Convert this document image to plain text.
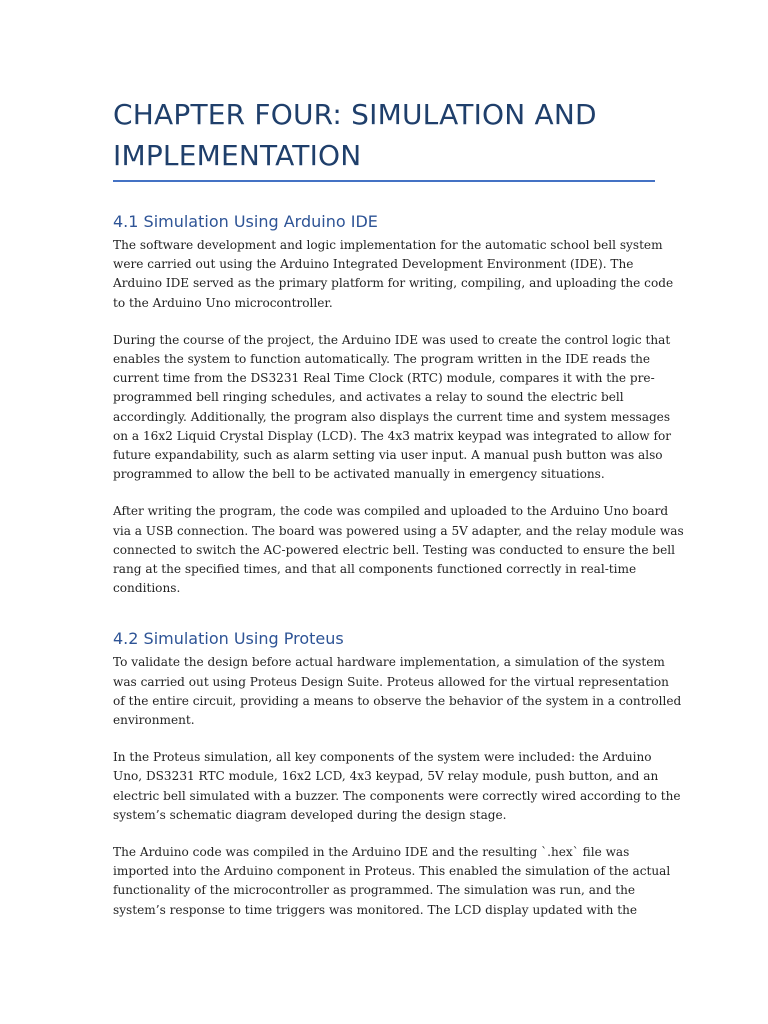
CHAPTER FOUR: SIMULATION AND
IMPLEMENTATION
4.1 Simulation Using Arduino IDE

The software development and logic implementation for the automatic school bell system
were carried out using the Arduino Integrated Development Environment (IDE). The
Arduino IDE served as the primary platform for writing, compiling, and uploading the code
to the Arduino Uno microcontroller.

During the course of the project, the Arduino IDE was used to create the control logic that
enables the system to function automatically. The program written in the IDE reads the
current time from the DS3231 Real Time Clock (RTC) module, compares it with the pre-
programmed bell ringing schedules, and activates a relay to sound the electric bell
accordingly. Additionally, the program also displays the current time and system messages
on a 16x2 Liquid Crystal Display (LCD). The 4x3 matrix keypad was integrated to allow for
future expandability, such as alarm setting via user input. A manual push button was also
programmed to allow the bell to be activated manually in emergency situations.

After writing the program, the code was compiled and uploaded to the Arduino Uno board
via a USB connection. The board was powered using a 5V adapter, and the relay module was
connected to switch the AC-powered electric bell. Testing was conducted to ensure the bell
rang at the specified times, and that all components functioned correctly in real-time
conditions.

4.2 Simulation Using Proteus

To validate the design before actual hardware implementation, a simulation of the system
was carried out using Proteus Design Suite. Proteus allowed for the virtual representation
of the entire circuit, providing a means to observe the behavior of the system in a controlled
environment.

In the Proteus simulation, all key components of the system were included: the Arduino
Uno, DS3231 RTC module, 16x2 LCD, 4x3 keypad, 5V relay module, push button, and an
electric bell simulated with a buzzer. The components were correctly wired according to the
system’s schematic diagram developed during the design stage.

The Arduino code was compiled in the Arduino IDE and the resulting `.hex` file was
imported into the Arduino component in Proteus. This enabled the simulation of the actual
functionality of the microcontroller as programmed. The simulation was run, and the
system’s response to time triggers was monitored. The LCD display updated with the
